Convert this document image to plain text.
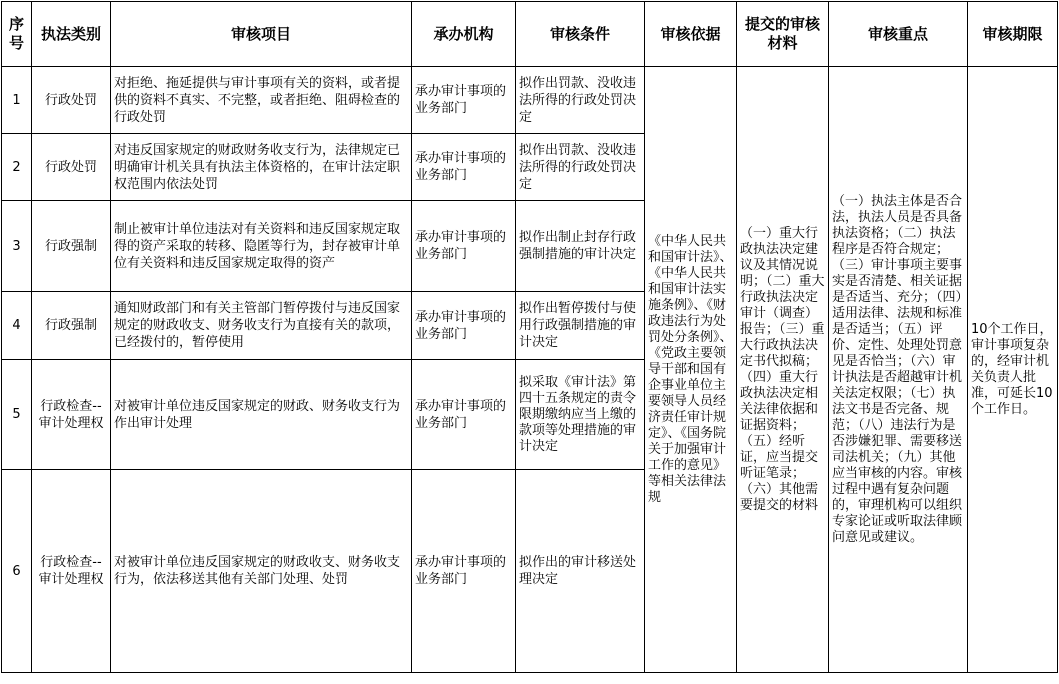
序号	执法类别	审核项目	承办机构	审核条件	审核依据	提交的审核材料	审核重点	审核期限
1	行政处罚	对拒绝、拖延提供与审计事项有关的资料，或者提供的资料不真实、不完整，或者拒绝、阻碍检查的行政处罚	承办审计事项的业务部门	拟作出罚款、没收违法所得的行政处罚决定	《中华人民共和国审计法》、《中华人民共和国审计法实施条例》、《财政违法行为处罚处分条例》、《党政主要领导干部和国有企事业单位主要领导人员经济责任审计规定》、《国务院关于加强审计工作的意见》等相关法律法规	（一）重大行政执法决定建议及其情况说明；（二）重大行政执法决定审计（调查）报告；（三）重大行政执法决定书代拟稿；（四）重大行政执法决定相关法律依据和证据资料；（五）经听证，应当提交听证笔录；（六）其他需要提交的材料	（一）执法主体是否合法，执法人员是否具备执法资格；（二）执法程序是否符合规定；（三）审计事项主要事实是否清楚、相关证据是否适当、充分；（四）适用法律、法规和标准是否适当；（五）评价、定性、处理处罚意见是否恰当；（六）审计执法是否超越审计机关法定权限；（七）执法文书是否完备、规范；（八）违法行为是否涉嫌犯罪、需要移送司法机关；（九）其他应当审核的内容。审核过程中遇有复杂问题的，审理机构可以组织专家论证或听取法律顾问意见或建议。	10个工作日，审计事项复杂的，经审计机关负责人批准，可延长10个工作日。
2	行政处罚	对违反国家规定的财政财务收支行为，法律规定已明确审计机关具有执法主体资格的，在审计法定职权范围内依法处罚	承办审计事项的业务部门	拟作出罚款、没收违法所得的行政处罚决定				
3	行政强制	制止被审计单位违法对有关资料和违反国家规定取得的资产采取的转移、隐匿等行为，封存被审计单位有关资料和违反国家规定取得的资产	承办审计事项的业务部门	拟作出制止封存行政强制措施的审计决定				
4	行政强制	通知财政部门和有关主管部门暂停拨付与违反国家规定的财政收支、财务收支行为直接有关的款项，已经拨付的，暂停使用	承办审计事项的业务部门	拟作出暂停拨付与使用行政强制措施的审计决定				
5	行政检查--审计处理权	对被审计单位违反国家规定的财政、财务收支行为作出审计处理	承办审计事项的业务部门	拟采取《审计法》第四十五条规定的责令限期缴纳应当上缴的款项等处理措施的审计决定				
6	行政检查--审计处理权	对被审计单位违反国家规定的财政收支、财务收支行为，依法移送其他有关部门处理、处罚	承办审计事项的业务部门	拟作出的审计移送处理决定				
